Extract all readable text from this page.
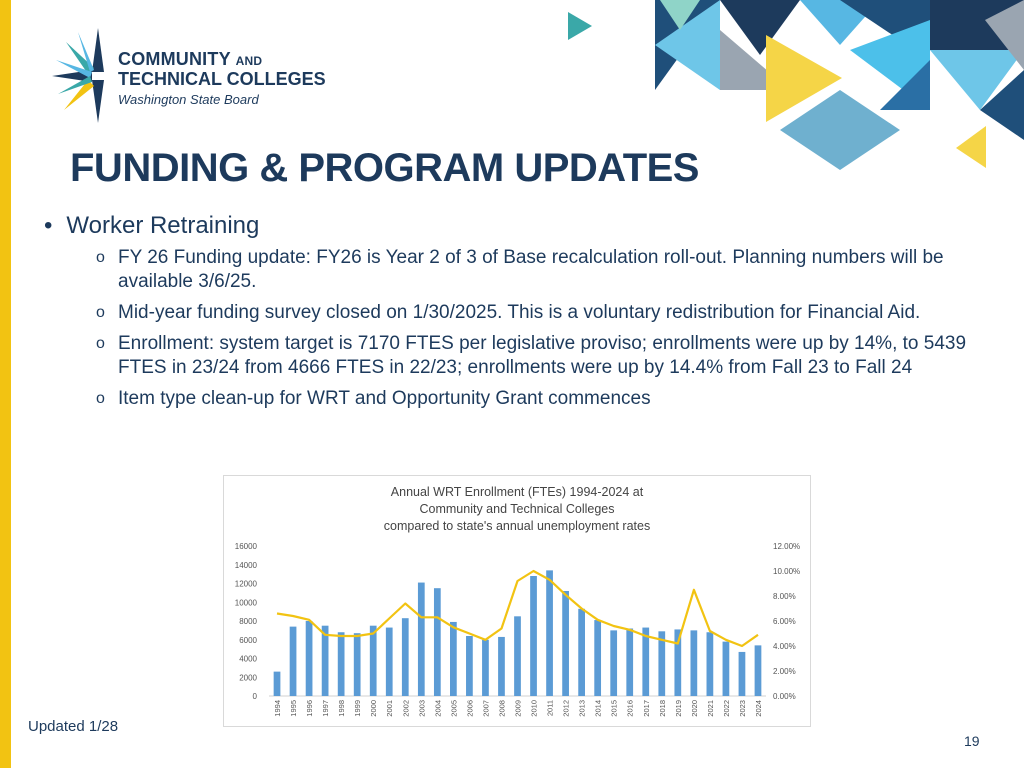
COMMUNITY AND
TECHNICAL COLLEGES
Washington State Board
FUNDING & PROGRAM UPDATES
• Worker Retraining
o FY 26 Funding update: FY26 is Year 2 of 3 of Base recalculation roll-out. Planning numbers will be available 3/6/25.
o Mid-year funding survey closed on 1/30/2025. This is a voluntary redistribution for Financial Aid.
o Enrollment: system target is 7170 FTES per legislative proviso; enrollments were up by 14%, to 5439 FTES in 23/24 from 4666 FTES in 22/23; enrollments were up by 14.4% from Fall 23 to Fall 24
o Item type clean-up for WRT and Opportunity Grant commences
Annual WRT Enrollment (FTEs) 1994-2024 at
Community and Technical Colleges
compared to state's annual unemployment rates
0
2000
4000
6000
8000
10000
12000
14000
16000
0.00%
2.00%
4.00%
6.00%
8.00%
10.00%
12.00%
1994 1995 1996 1997 1998 1999 2000 2001 2002 2003 2004 2005 2006 2007 2008 2009 2010 2011 2012 2013 2014 2015 2016 2017 2018 2019 2020 2021 2022 2023 2024
Updated 1/28
19
